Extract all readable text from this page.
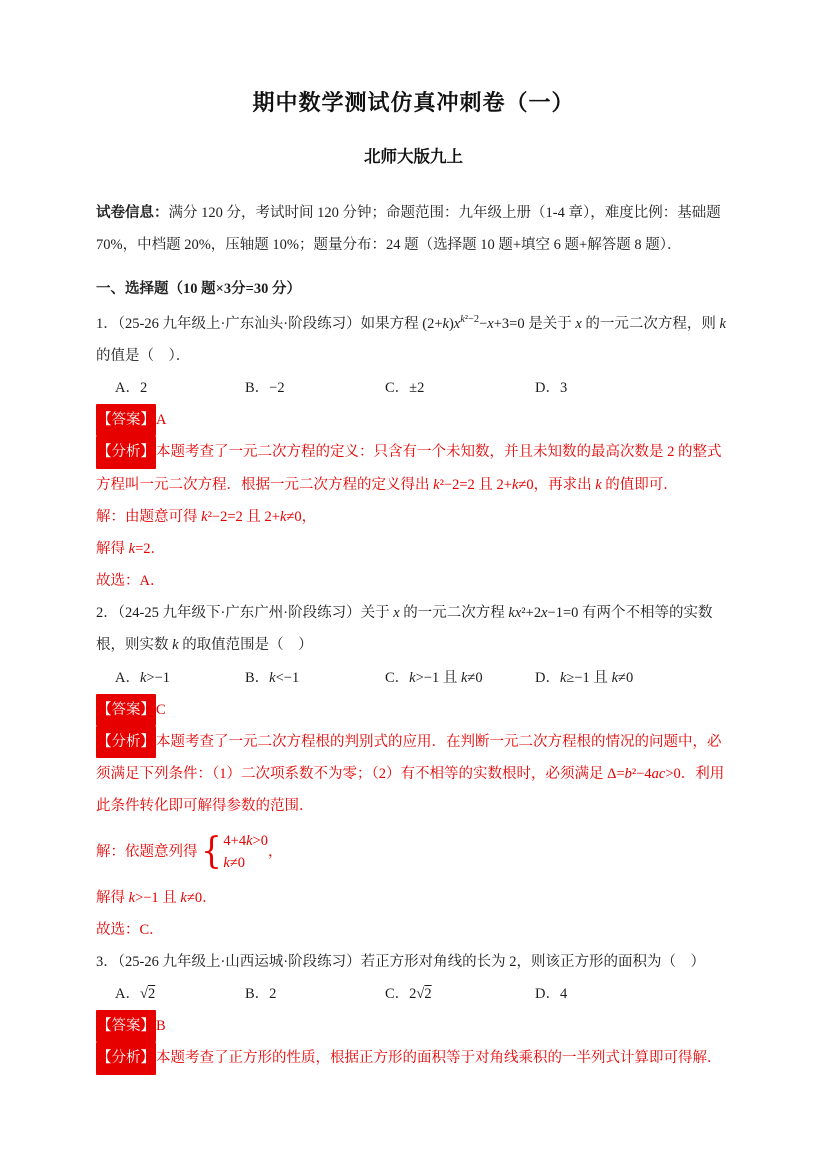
期中数学测试仿真冲刺卷（一）
北师大版九上

试卷信息：满分 120 分，考试时间 120 分钟；命题范围：九年级上册（1-4 章），难度比例：基础题 70%，中档题 20%，压轴题 10%；题量分布：24 题（选择题 10 题+填空 6 题+解答题 8 题）．

一、选择题（10 题×3分=30 分）

1．（25-26 九年级上·广东汕头·阶段练习）如果方程 $(2+k)x^{k^2-2}-x+3=0$ 是关于 x 的一元二次方程，则 k 的值是（　）．

A．2	B．−2	C．±2	D．3

【答案】A

【分析】本题考查了一元二次方程的定义：只含有一个未知数，并且未知数的最高次数是 2 的整式方程叫一元二次方程．根据一元二次方程的定义得出 k²−2=2 且 2+k≠0，再求出 k 的值即可．

解：由题意可得 k²−2=2 且 2+k≠0，

解得 k=2．

故选：A．

2．（24-25 九年级下·广东广州·阶段练习）关于 x 的一元二次方程 kx²+2x−1=0 有两个不相等的实数根，则实数 k 的取值范围是（　）

A．k>−1	B．k<−1	C．k>−1 且 k≠0	D．k≥−1 且 k≠0

【答案】C

【分析】本题考查了一元二次方程根的判别式的应用．在判断一元二次方程根的情况的问题中，必须满足下列条件：（1）二次项系数不为零；（2）有不相等的实数根时，必须满足 Δ=b²−4ac>0．利用此条件转化即可解得参数的范围．

解：依题意列得 { 4+4k>0
k≠0
，

解得 k>−1 且 k≠0．

故选：C．

3．（25-26 九年级上·山西运城·阶段练习）若正方形对角线的长为 2，则该正方形的面积为（　）

A．√2	B．2	C．2√2	D．4

【答案】B

【分析】本题考查了正方形的性质，根据正方形的面积等于对角线乘积的一半列式计算即可得解．
